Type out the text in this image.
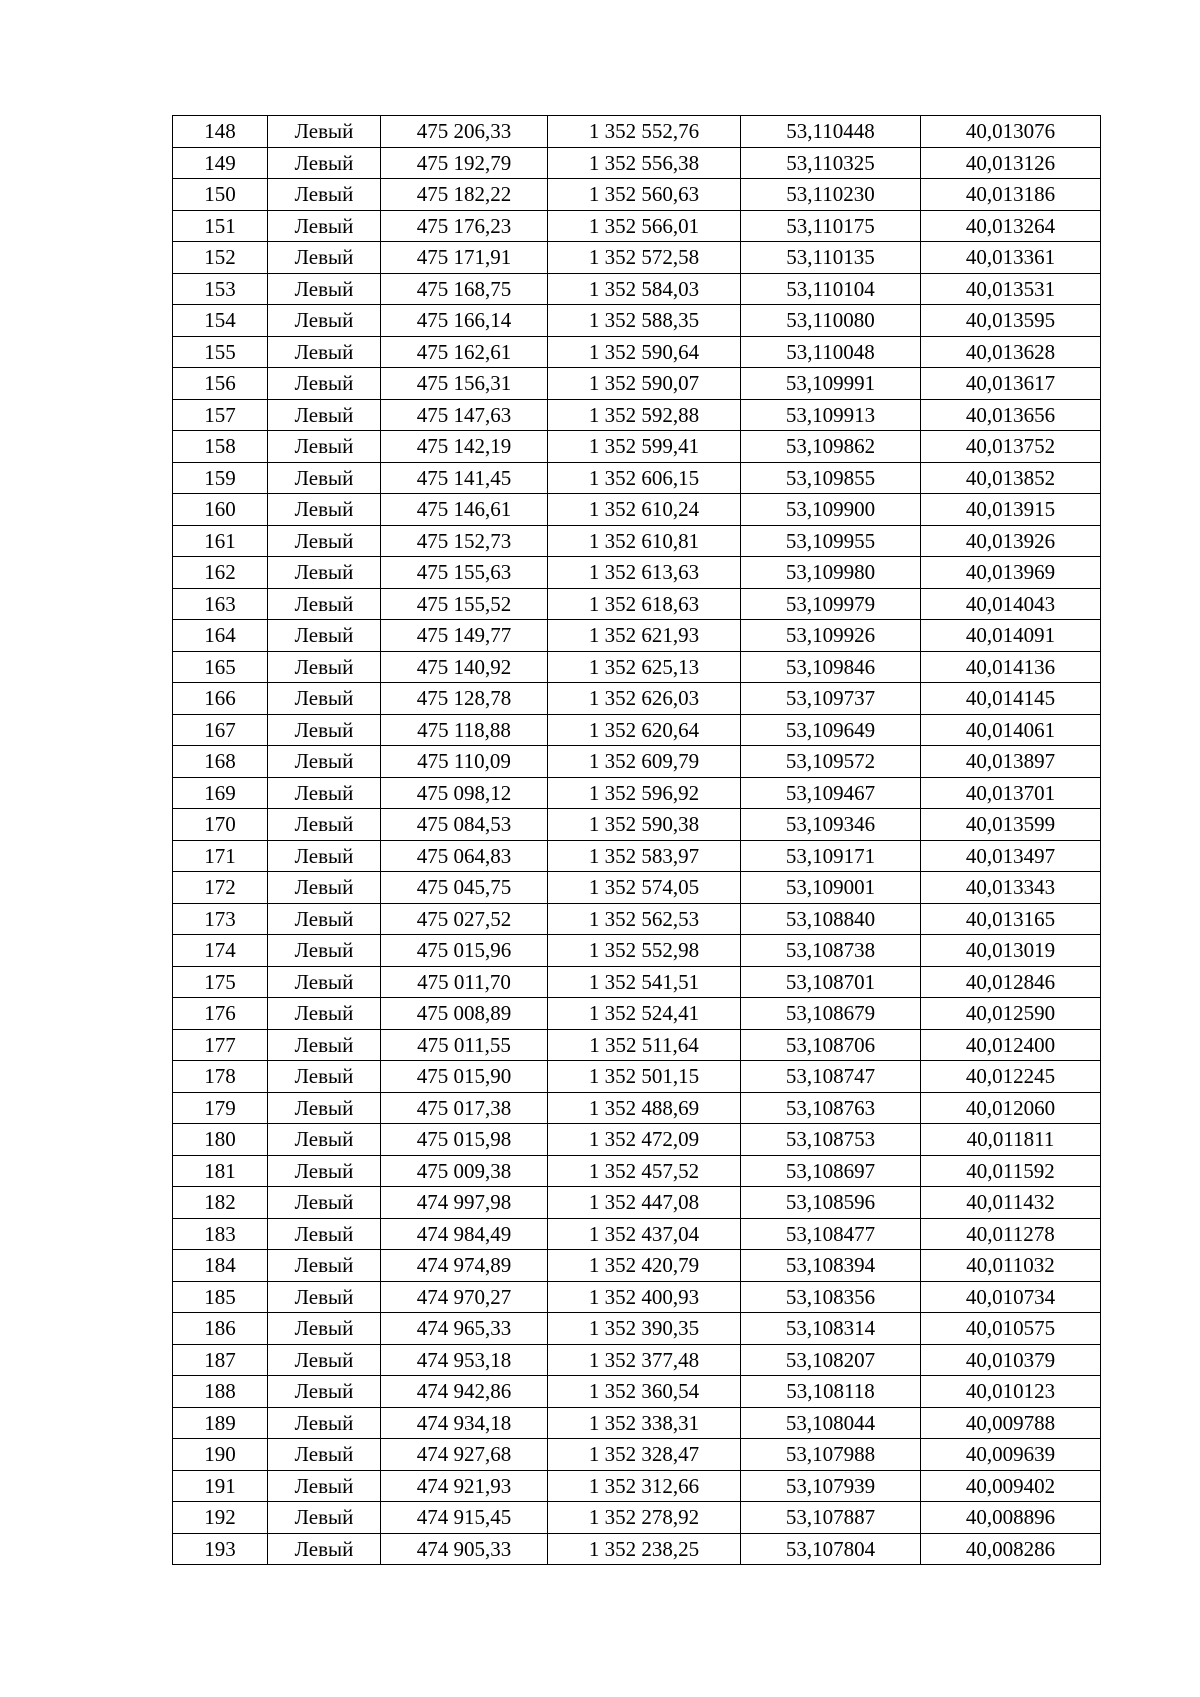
148	Левый	475 206,33	1 352 552,76	53,110448	40,013076
149	Левый	475 192,79	1 352 556,38	53,110325	40,013126
150	Левый	475 182,22	1 352 560,63	53,110230	40,013186
151	Левый	475 176,23	1 352 566,01	53,110175	40,013264
152	Левый	475 171,91	1 352 572,58	53,110135	40,013361
153	Левый	475 168,75	1 352 584,03	53,110104	40,013531
154	Левый	475 166,14	1 352 588,35	53,110080	40,013595
155	Левый	475 162,61	1 352 590,64	53,110048	40,013628
156	Левый	475 156,31	1 352 590,07	53,109991	40,013617
157	Левый	475 147,63	1 352 592,88	53,109913	40,013656
158	Левый	475 142,19	1 352 599,41	53,109862	40,013752
159	Левый	475 141,45	1 352 606,15	53,109855	40,013852
160	Левый	475 146,61	1 352 610,24	53,109900	40,013915
161	Левый	475 152,73	1 352 610,81	53,109955	40,013926
162	Левый	475 155,63	1 352 613,63	53,109980	40,013969
163	Левый	475 155,52	1 352 618,63	53,109979	40,014043
164	Левый	475 149,77	1 352 621,93	53,109926	40,014091
165	Левый	475 140,92	1 352 625,13	53,109846	40,014136
166	Левый	475 128,78	1 352 626,03	53,109737	40,014145
167	Левый	475 118,88	1 352 620,64	53,109649	40,014061
168	Левый	475 110,09	1 352 609,79	53,109572	40,013897
169	Левый	475 098,12	1 352 596,92	53,109467	40,013701
170	Левый	475 084,53	1 352 590,38	53,109346	40,013599
171	Левый	475 064,83	1 352 583,97	53,109171	40,013497
172	Левый	475 045,75	1 352 574,05	53,109001	40,013343
173	Левый	475 027,52	1 352 562,53	53,108840	40,013165
174	Левый	475 015,96	1 352 552,98	53,108738	40,013019
175	Левый	475 011,70	1 352 541,51	53,108701	40,012846
176	Левый	475 008,89	1 352 524,41	53,108679	40,012590
177	Левый	475 011,55	1 352 511,64	53,108706	40,012400
178	Левый	475 015,90	1 352 501,15	53,108747	40,012245
179	Левый	475 017,38	1 352 488,69	53,108763	40,012060
180	Левый	475 015,98	1 352 472,09	53,108753	40,011811
181	Левый	475 009,38	1 352 457,52	53,108697	40,011592
182	Левый	474 997,98	1 352 447,08	53,108596	40,011432
183	Левый	474 984,49	1 352 437,04	53,108477	40,011278
184	Левый	474 974,89	1 352 420,79	53,108394	40,011032
185	Левый	474 970,27	1 352 400,93	53,108356	40,010734
186	Левый	474 965,33	1 352 390,35	53,108314	40,010575
187	Левый	474 953,18	1 352 377,48	53,108207	40,010379
188	Левый	474 942,86	1 352 360,54	53,108118	40,010123
189	Левый	474 934,18	1 352 338,31	53,108044	40,009788
190	Левый	474 927,68	1 352 328,47	53,107988	40,009639
191	Левый	474 921,93	1 352 312,66	53,107939	40,009402
192	Левый	474 915,45	1 352 278,92	53,107887	40,008896
193	Левый	474 905,33	1 352 238,25	53,107804	40,008286
